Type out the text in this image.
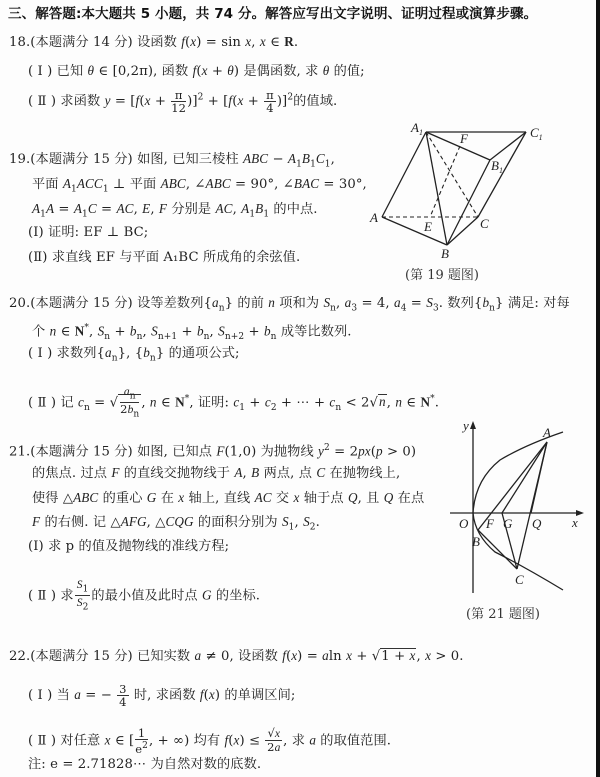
三、解答题:本大题共 5 小题，共 74 分。解答应写出文字说明、证明过程或演算步骤。
18.(本题满分 14 分) 设函数 f(x) = sin x, x ∈ R.
( Ⅰ ) 已知 θ ∈ [0,2π), 函数 f(x + θ) 是偶函数, 求 θ 的值;
( Ⅱ ) 求函数 $y = [f(x + \frac{\pi}{12} )]^2 + [f(x + \frac{\pi}{4} )]^2$的值域.
19.(本题满分 15 分) 如图, 已知三棱柱 ABC − $A_1B_1C_1$,
平面 $A_1ACC_1$ ⊥ 平面 ABC, ∠ABC = 90°, ∠BAC = 30°,
$A_1A = A_1C$ = AC, E, F 分别是 AC, $A_1B_1$ 的中点.
(Ⅰ) 证明: EF ⊥ BC;
(Ⅱ) 求直线 EF 与平面 A₁BC 所成角的余弦值.
$A_1$	$C_1$
F
$B_1$
A
E	C
B
(第 19 题图)
20.(本题满分 15 分) 设等差数列$\{a_n\}$ 的前 n 项和为 $S_n$, $a_3 = 4$, $a_4 = S_3$. 数列$\{b_n\}$ 满足: 对每
个 n ∈ N*, $S_n + b_n$, $S_{n+1} + b_n$, $S_{n+2} + b_n$ 成等比数列.
( Ⅰ ) 求数列$\{a_n\}$, $\{b_n\}$ 的通项公式;
( Ⅱ ) 记 $c_n$ = √ $\frac{a_n}{2b_n}$ , n ∈ N*, 证明: $c_1 + c_2$ + ⋯ + $c_n < 2√n$, n ∈ N*.
21.(本题满分 15 分) 如图, 已知点 F(1,0) 为抛物线 $y^2 = 2px(p > 0)$
的焦点. 过点 F 的直线交抛物线于 A, B 两点, 点 C 在抛物线上,
使得 △ABC 的重心 G 在 x 轴上, 直线 AC 交 x 轴于点 Q, 且 Q 在点
F 的右侧. 记 △AFG, △CQG 的面积分别为 $S_1$, $S_2$.
(Ⅰ) 求 p 的值及抛物线的准线方程;
( Ⅱ ) 求 $\frac{S_1}{S_2}$ 的最小值及此时点 G 的坐标.
y	A
O F G Q x
B
C
(第 21 题图)
22.(本题满分 15 分) 已知实数 a ≠ 0, 设函数 f(x) = aln x + √1 + x, x > 0.
( Ⅰ ) 当 a = − $\frac{3}{4}$ 时, 求函数 f(x) 的单调区间;
( Ⅱ ) 对任意 x ∈ [ $\frac{1}{e^2}$ , + ∞) 均有 $f(x) \le \frac{√x}{2a}$ , 求 a 的取值范围.
注: e = 2.71828⋯ 为自然对数的底数.
